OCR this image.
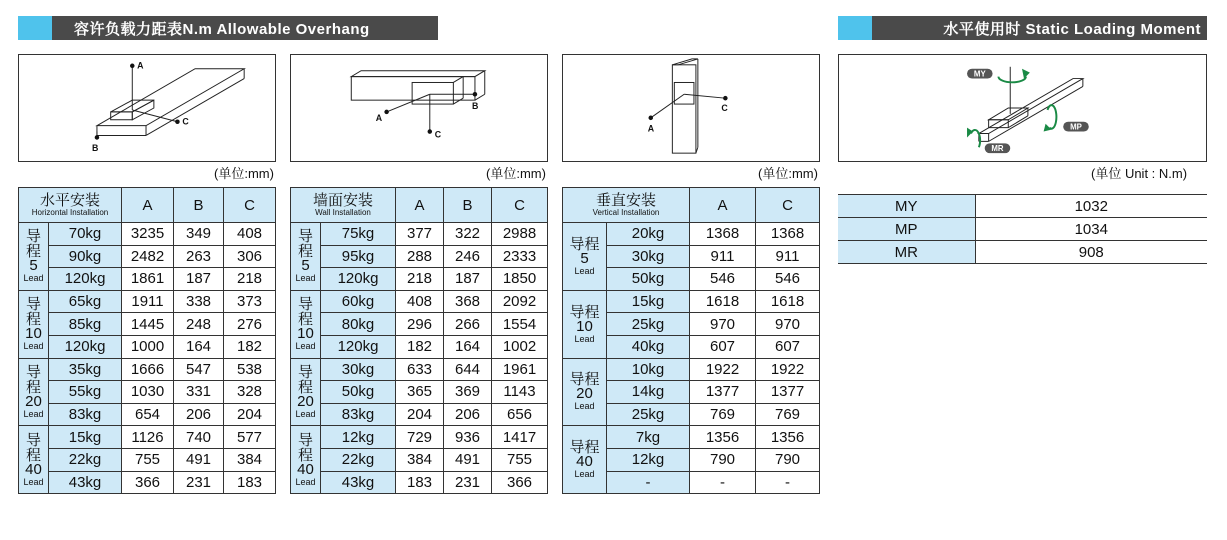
容许负载力距表N.m Allowable Overhang	水平使用时 Static Loading Moment
A
B
C
(单位:mm)
A
B
C
(单位:mm)
A
C
(单位:mm)
MY
MP
MR
(单位 Unit : N.m)
水平安装
Horizontal Installation		A	B	C

导程
5
Lead	70kg	3235	349	408
	90kg	2482	263	306
	120kg	1861	187	218

导程
10
Lead	65kg	1911	338	373
	85kg	1445	248	276
	120kg	1000	164	182

导程
20
Lead	35kg	1666	547	538
	55kg	1030	331	328
	83kg	654	206	204

导程
40
Lead	15kg	1126	740	577
	22kg	755	491	384
	43kg	366	231	183
墙面安装
Wall Installation		A	B	C

导程
5
Lead	75kg	377	322	2988
	95kg	288	246	2333
	120kg	218	187	1850

导程
10
Lead	60kg	408	368	2092
	80kg	296	266	1554
	120kg	182	164	1002

导程
20
Lead	30kg	633	644	1961
	50kg	365	369	1143
	83kg	204	206	656

导程
40
Lead	12kg	729	936	1417
	22kg	384	491	755
	43kg	183	231	366
垂直安装
Vertical Installation		A	C

导程
5
Lead	20kg	1368	1368
	30kg	911	911
	50kg	546	546

导程
10
Lead	15kg	1618	1618
	25kg	970	970
	40kg	607	607

导程
20
Lead	10kg	1922	1922
	14kg	1377	1377
	25kg	769	769

导程
40
Lead	7kg	1356	1356
	12kg	790	790
	-	-	-
MY	1032
MP	1034
MR	908
